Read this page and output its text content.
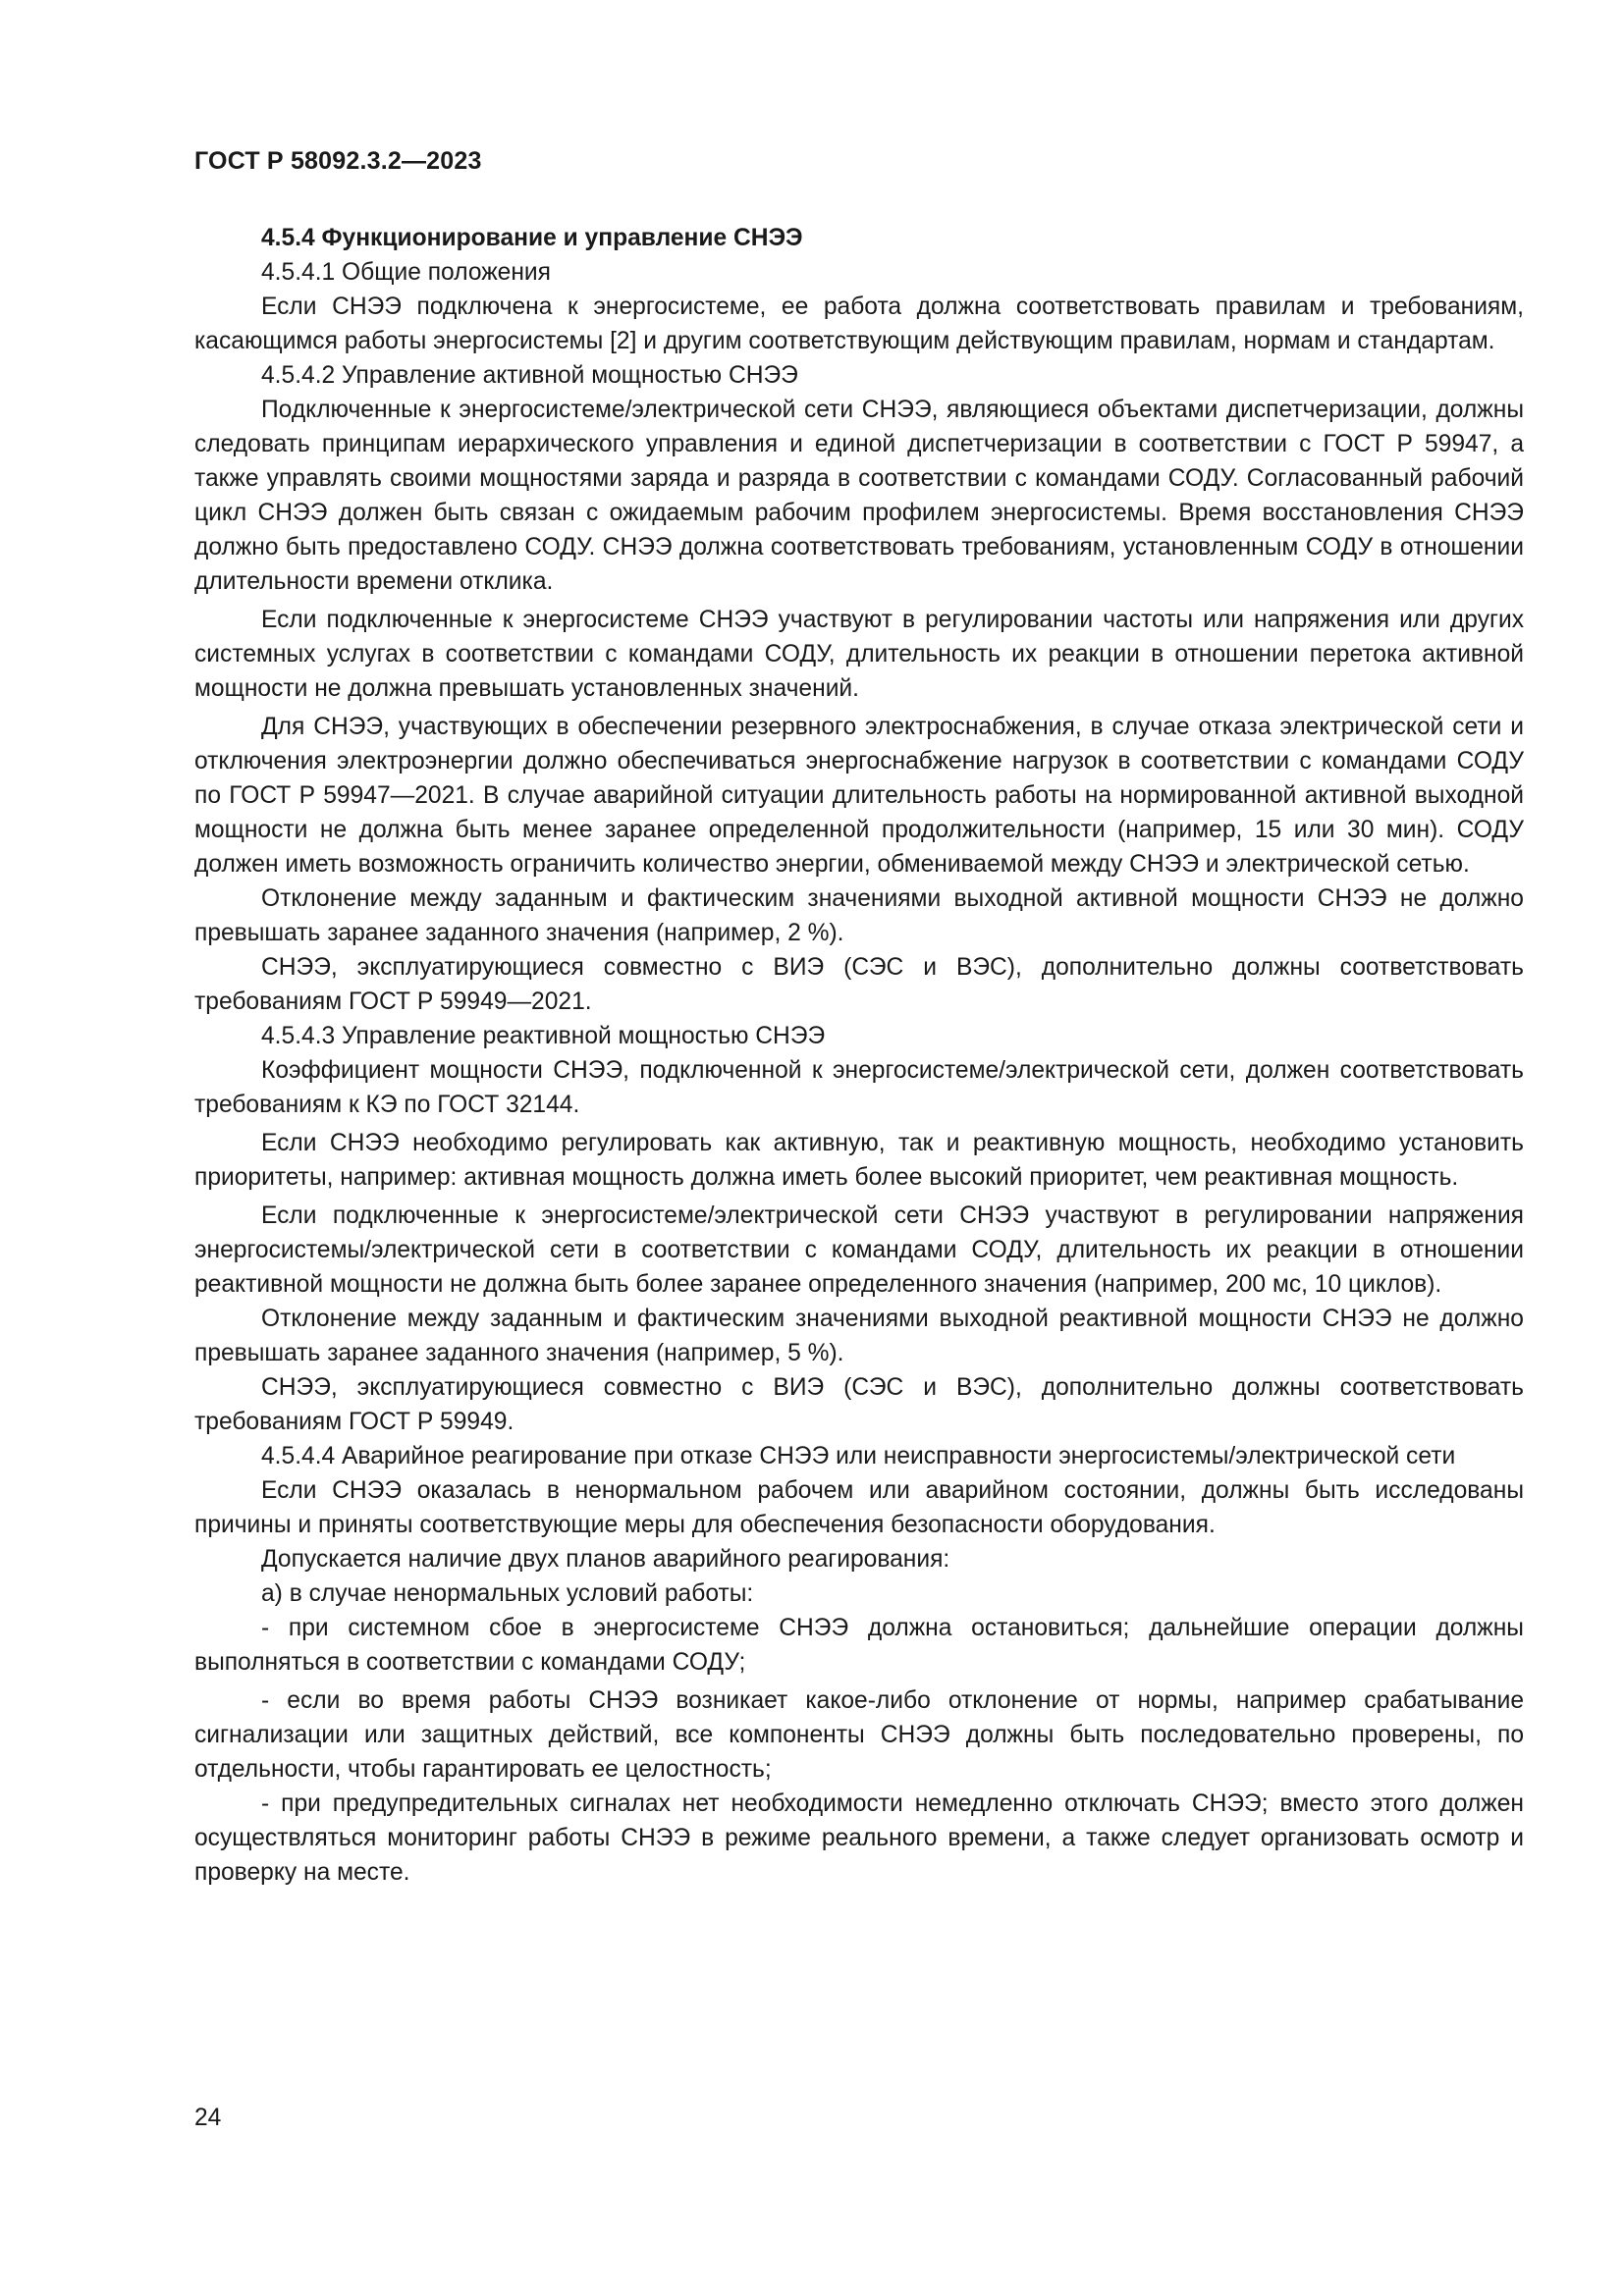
ГОСТ Р 58092.3.2—2023

4.5.4 Функционирование и управление СНЭЭ

4.5.4.1 Общие положения

Если СНЭЭ подключена к энергосистеме, ее работа должна соответствовать правилам и требованиям, касающимся работы энергосистемы [2] и другим соответствующим действующим правилам, нормам и стандартам.

4.5.4.2 Управление активной мощностью СНЭЭ

Подключенные к энергосистеме/электрической сети СНЭЭ, являющиеся объектами диспетчеризации, должны следовать принципам иерархического управления и единой диспетчеризации в соответствии с ГОСТ Р 59947, а также управлять своими мощностями заряда и разряда в соответствии с командами СОДУ. Согласованный рабочий цикл СНЭЭ должен быть связан с ожидаемым рабочим профилем энергосистемы. Время восстановления СНЭЭ должно быть предоставлено СОДУ. СНЭЭ должна соответствовать требованиям, установленным СОДУ в отношении длительности времени отклика.

Если подключенные к энергосистеме СНЭЭ участвуют в регулировании частоты или напряжения или других системных услугах в соответствии с командами СОДУ, длительность их реакции в отношении перетока активной мощности не должна превышать установленных значений.

Для СНЭЭ, участвующих в обеспечении резервного электроснабжения, в случае отказа электрической сети и отключения электроэнергии должно обеспечиваться энергоснабжение нагрузок в соответствии с командами СОДУ по ГОСТ Р 59947—2021. В случае аварийной ситуации длительность работы на нормированной активной выходной мощности не должна быть менее заранее определенной продолжительности (например, 15 или 30 мин). СОДУ должен иметь возможность ограничить количество энергии, обмениваемой между СНЭЭ и электрической сетью.

Отклонение между заданным и фактическим значениями выходной активной мощности СНЭЭ не должно превышать заранее заданного значения (например, 2 %).

СНЭЭ, эксплуатирующиеся совместно с ВИЭ (СЭС и ВЭС), дополнительно должны соответствовать требованиям ГОСТ Р 59949—2021.

4.5.4.3 Управление реактивной мощностью СНЭЭ

Коэффициент мощности СНЭЭ, подключенной к энергосистеме/электрической сети, должен соответствовать требованиям к КЭ по ГОСТ 32144.

Если СНЭЭ необходимо регулировать как активную, так и реактивную мощность, необходимо установить приоритеты, например: активная мощность должна иметь более высокий приоритет, чем реактивная мощность.

Если подключенные к энергосистеме/электрической сети СНЭЭ участвуют в регулировании напряжения энергосистемы/электрической сети в соответствии с командами СОДУ, длительность их реакции в отношении реактивной мощности не должна быть более заранее определенного значения (например, 200 мс, 10 циклов).

Отклонение между заданным и фактическим значениями выходной реактивной мощности СНЭЭ не должно превышать заранее заданного значения (например, 5 %).

СНЭЭ, эксплуатирующиеся совместно с ВИЭ (СЭС и ВЭС), дополнительно должны соответствовать требованиям ГОСТ Р 59949.

4.5.4.4 Аварийное реагирование при отказе СНЭЭ или неисправности энергосистемы/электрической сети

Если СНЭЭ оказалась в ненормальном рабочем или аварийном состоянии, должны быть исследованы причины и приняты соответствующие меры для обеспечения безопасности оборудования.

Допускается наличие двух планов аварийного реагирования:

а) в случае ненормальных условий работы:

- при системном сбое в энергосистеме СНЭЭ должна остановиться; дальнейшие операции должны выполняться в соответствии с командами СОДУ;

- если во время работы СНЭЭ возникает какое-либо отклонение от нормы, например срабатывание сигнализации или защитных действий, все компоненты СНЭЭ должны быть последовательно проверены, по отдельности, чтобы гарантировать ее целостность;

- при предупредительных сигналах нет необходимости немедленно отключать СНЭЭ; вместо этого должен осуществляться мониторинг работы СНЭЭ в режиме реального времени, а также следует организовать осмотр и проверку на месте.

24
